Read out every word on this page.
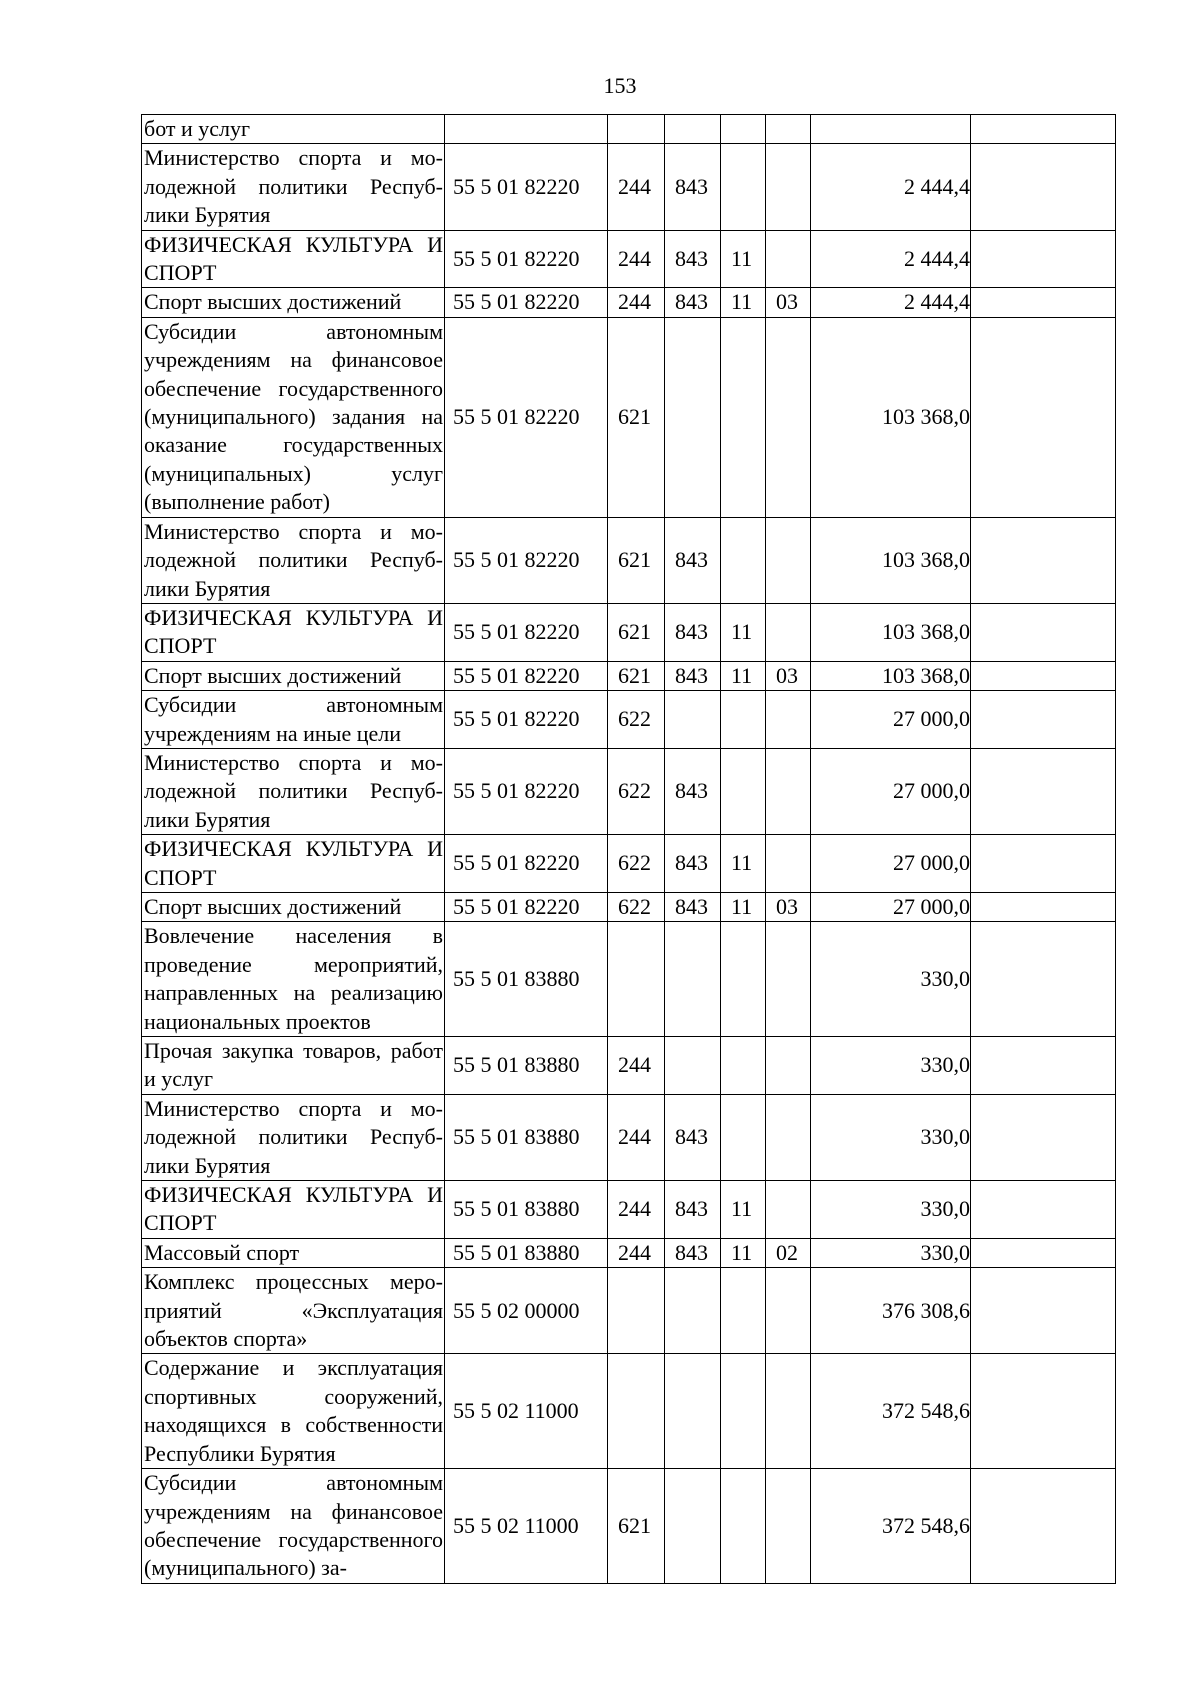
153
бот и услуг							
Министерство спорта и молодежной политики Республики Бурятия	55 5 01 82220	244	843			2 444,4	
ФИЗИЧЕСКАЯ КУЛЬТУРА И СПОРТ	55 5 01 82220	244	843	11		2 444,4	
Спорт высших достижений	55 5 01 82220	244	843	11	03	2 444,4	
Субсидии автономным учреждениям на финансовое обеспечение государственного (муниципального) задания на оказание государственных (муниципальных) услуг (выполнение работ)	55 5 01 82220	621				103 368,0	
Министерство спорта и молодежной политики Республики Бурятия	55 5 01 82220	621	843			103 368,0	
ФИЗИЧЕСКАЯ КУЛЬТУРА И СПОРТ	55 5 01 82220	621	843	11		103 368,0	
Спорт высших достижений	55 5 01 82220	621	843	11	03	103 368,0	
Субсидии автономным учреждениям на иные цели	55 5 01 82220	622				27 000,0	
Министерство спорта и молодежной политики Республики Бурятия	55 5 01 82220	622	843			27 000,0	
ФИЗИЧЕСКАЯ КУЛЬТУРА И СПОРТ	55 5 01 82220	622	843	11		27 000,0	
Спорт высших достижений	55 5 01 82220	622	843	11	03	27 000,0	
Вовлечение населения в проведение мероприятий, направленных на реализацию национальных проектов	55 5 01 83880					330,0	
Прочая закупка товаров, работ и услуг	55 5 01 83880	244				330,0	
Министерство спорта и молодежной политики Республики Бурятия	55 5 01 83880	244	843			330,0	
ФИЗИЧЕСКАЯ КУЛЬТУРА И СПОРТ	55 5 01 83880	244	843	11		330,0	
Массовый спорт	55 5 01 83880	244	843	11	02	330,0	
Комплекс процессных мероприятий «Эксплуатация объектов спорта»	55 5 02 00000					376 308,6	
Содержание и эксплуатация спортивных сооружений, находящихся в собственности Республики Бурятия	55 5 02 11000					372 548,6	
Субсидии автономным учреждениям на финансовое обеспечение государственного (муниципального) за-	55 5 02 11000	621				372 548,6	
